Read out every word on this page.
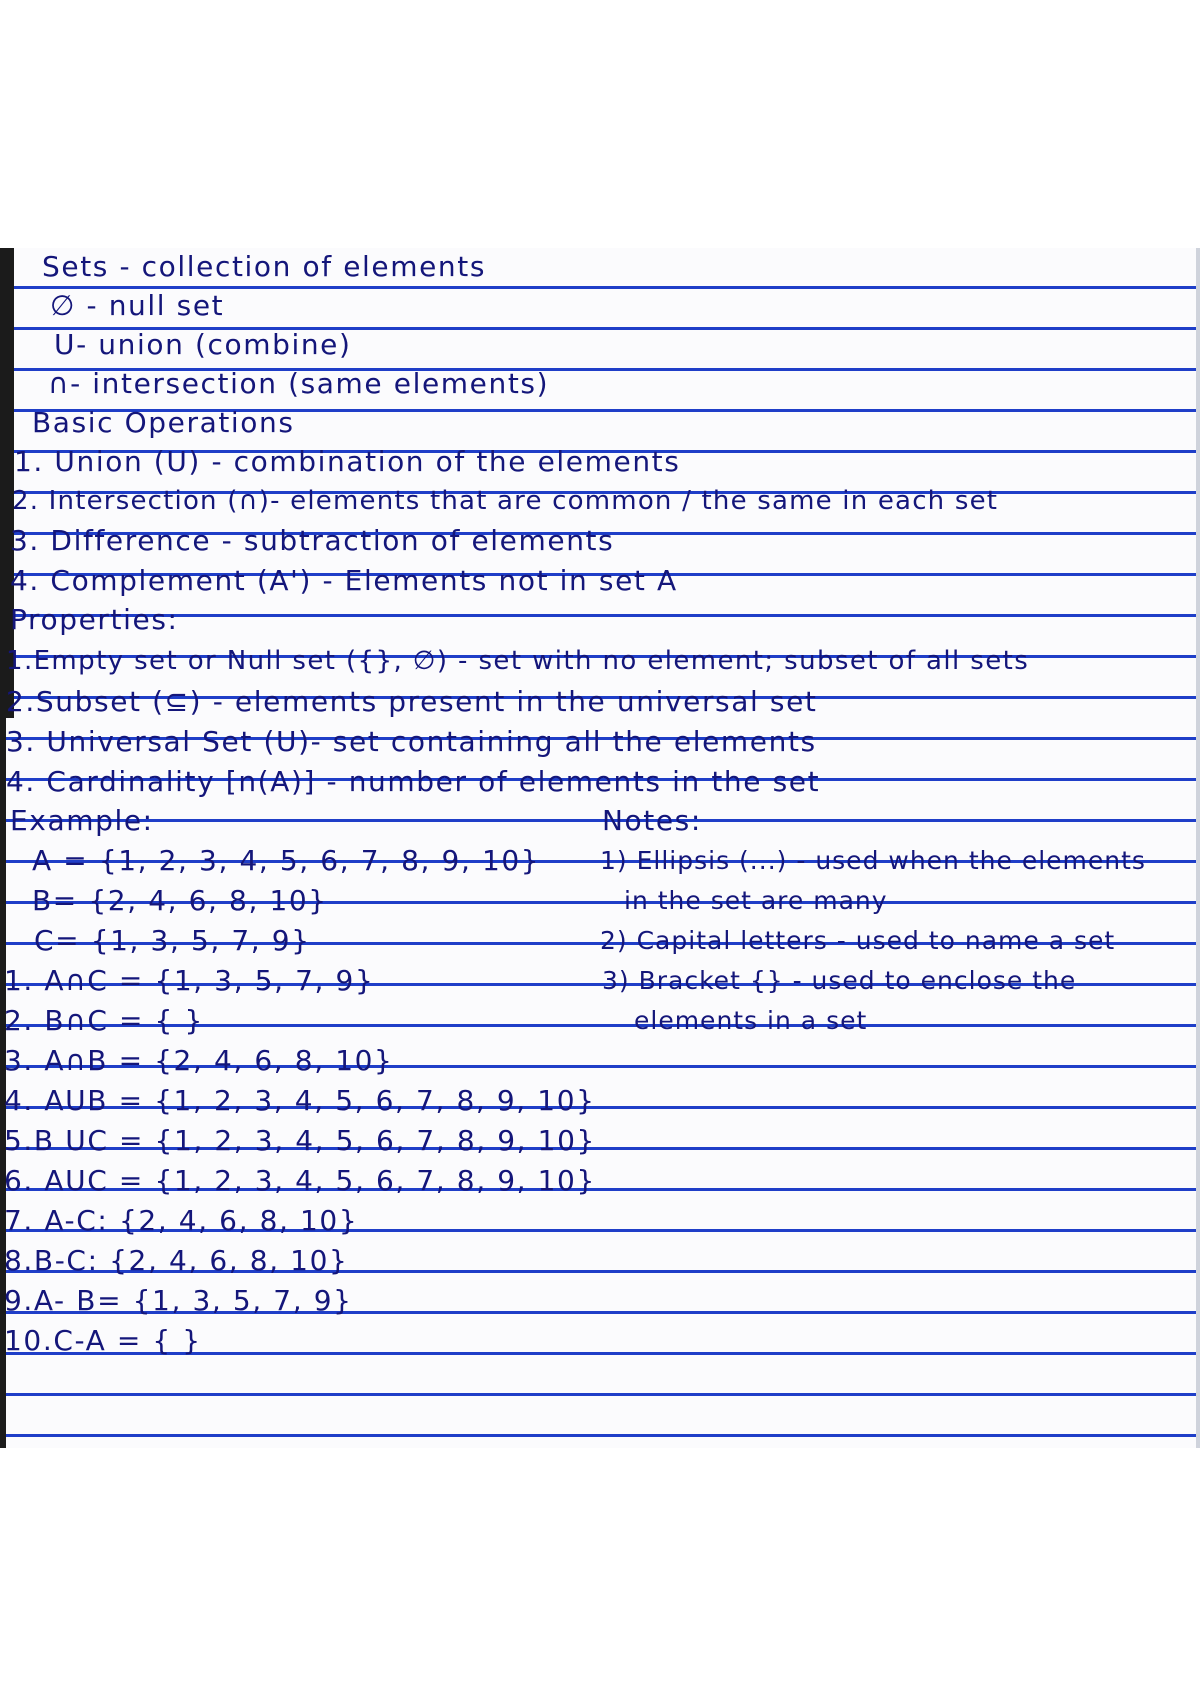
Sets - collection of elements
∅ - null set
U- union (combine)
∩- intersection (same elements)
Basic Operations
1. Union (U) - combination of the elements
2. Intersection (∩)- elements that are common / the same in each set
3. Difference - subtraction of elements
4. Complement (A') - Elements not in set A
Properties:
1.Empty set or Null set ({}, ∅) - set with no element; subset of all sets
2.Subset (⊆) - elements present in the universal set
3. Universal Set (U)- set containing all the elements
4. Cardinality [n(A)] - number of elements in the set
Example:
A = {1, 2, 3, 4, 5, 6, 7, 8, 9, 10}
B= {2, 4, 6, 8, 10}
C= {1, 3, 5, 7, 9}
1. A∩C = {1, 3, 5, 7, 9}
2. B∩C = { }
3. A∩B = {2, 4, 6, 8, 10}
4. AUB = {1, 2, 3, 4, 5, 6, 7, 8, 9, 10}
5.B UC = {1, 2, 3, 4, 5, 6, 7, 8, 9, 10}
6. AUC = {1, 2, 3, 4, 5, 6, 7, 8, 9, 10}
7. A-C: {2, 4, 6, 8, 10}
8.B-C: {2, 4, 6, 8, 10}
9.A- B= {1, 3, 5, 7, 9}
10.C-A = { }
Notes:
1) Ellipsis (...) - used when the elements
in the set are many
2) Capital letters - used to name a set
3) Bracket {} - used to enclose the
elements in a set
